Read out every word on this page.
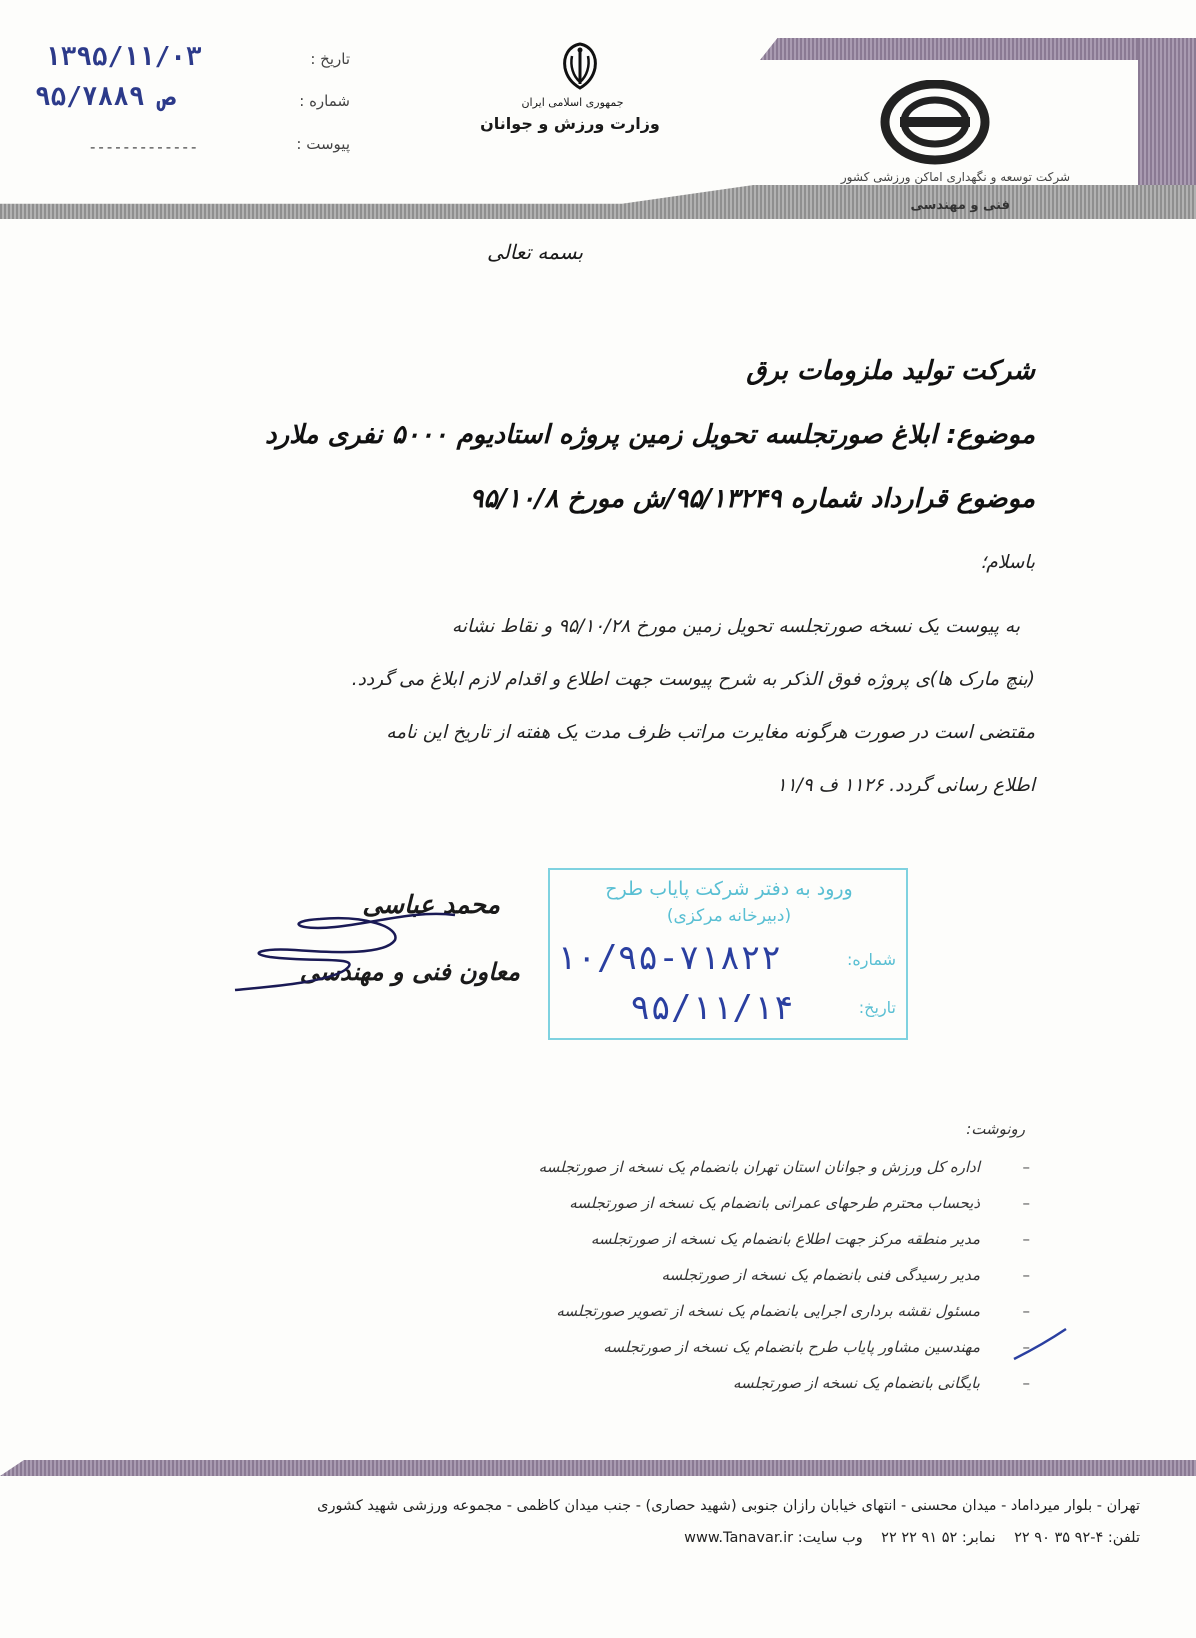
تاریخ :
۱۳۹۵/۱۱/۰۳
شماره :
۹۵/۷۸۸۹ ص
پیوست :
-------------
جمهوری اسلامی ایران
وزارت ورزش و جوانان
شرکت توسعه و نگهداری اماکن ورزشی کشور
فنی و مهندسی
بسمه تعالی
شرکت تولید ملزومات برق
موضوع: ابلاغ صورتجلسه تحویل زمین پروژه استادیوم ۵۰۰۰ نفری ملارد
موضوع قرارداد شماره ۹۵/۱۳۲۴۹/ش مورخ ۹۵/۱۰/۸
باسلام؛
به پیوست یک نسخه صورتجلسه تحویل زمین مورخ ۹۵/۱۰/۲۸ و نقاط نشانه
(بنچ مارک ها)ی پروژه فوق الذکر به شرح پیوست جهت اطلاع و اقدام لازم ابلاغ می گردد.
مقتضی است در صورت هرگونه مغایرت مراتب ظرف مدت یک هفته از تاریخ این نامه
اطلاع رسانی گردد. ۱۱۲۶ ف ۱۱/۹
محمد عباسی
معاون فنی و مهندسی
ورود به دفتر شرکت پایاب طرح
(دبیرخانه مرکزی)
شماره:
۱۰/۹۵-۷۱۸۲۲
تاریخ:
۹۵/۱۱/۱۴
رونوشت:
اداره کل ورزش و جوانان استان تهران بانضمام یک نسخه از صورتجلسه	–
ذیحساب محترم طرحهای عمرانی بانضمام یک نسخه از صورتجلسه	–
مدیر منطقه مرکز جهت اطلاع بانضمام یک نسخه از صورتجلسه	–
مدیر رسیدگی فنی بانضمام یک نسخه از صورتجلسه	–
مسئول نقشه برداری اجرایی بانضمام یک نسخه از تصویر صورتجلسه	–
مهندسین مشاور پایاب طرح بانضمام یک نسخه از صورتجلسه	–
بایگانی بانضمام یک نسخه از صورتجلسه	–
تهران - بلوار میرداماد - میدان محسنی - انتهای خیابان رازان جنوبی (شهید حصاری) - جنب میدان کاظمی - مجموعه ورزشی شهید کشوری
تلفن: ۴-۹۲ ۳۵ ۹۰ ۲۲    نمابر: ۵۲ ۹۱ ۲۲ ۲۲    وب سایت: www.Tanavar.ir
